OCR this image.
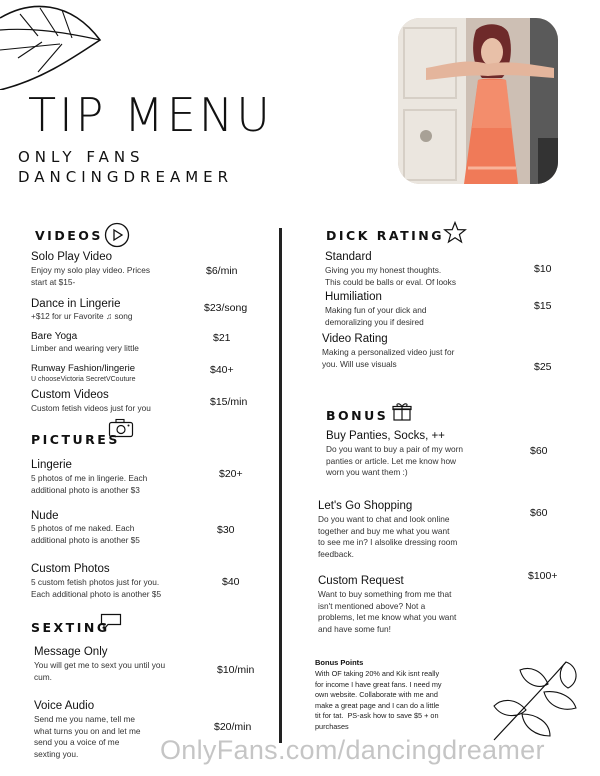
TIP MENU
ONLY FANS
DANCINGDREAMER
VIDEOS
Solo Play Video
Enjoy my solo play video. Prices
start at $15-
$6/min
Dance in Lingerie
+$12 for ur Favorite ♫ song
$23/song
Bare Yoga
Limber and wearing very little
$21
Runway Fashion/lingerie
U chooseVictoria SecretVCouture
$40+
Custom Videos
Custom fetish videos just for you	$15/min
PICTURES
Lingerie
5 photos of me in lingerie. Each
additional photo is another $3
$20+
Nude
5 photos of me naked. Each
additional photo is another $5
$30
Custom Photos
5 custom fetish photos just for you.
Each additional photo is another $5
$40
SEXTING
Message Only
You will get me to sext you until you
cum.
$10/min
Voice Audio
Send me you name, tell me
what turns you on and let me
send you a voice of me
sexting you.
$20/min
DICK RATING
Standard
Giving you my honest thoughts.
This could be balls or eval. Of looks
$10
Humiliation
Making fun of your dick and
demoralizing you if desired
$15
Video Rating
Making a personalized video just for
you. Will use visuals	$25
BONUS
Buy Panties, Socks, ++
Do you want to buy a pair of my worn
panties or article. Let me know how
worn you want them :)
$60
Let's Go Shopping
Do you want to chat and look online
together and buy me what you want
to see me in? I alsolike dressing room
feedback.
$60
Custom Request
Want to buy something from me that
isn't mentioned above? Not a
problems, let me know what you want
and have some fun!
$100+
Bonus Points
With OF taking 20% and Kik isnt really
for income I have great fans. I need my
own website. Collaborate with me and
make a great page and I can do a little
tit for tat.  PS-ask how to save $5 + on
purchases
OnlyFans.com/dancingdreamer
